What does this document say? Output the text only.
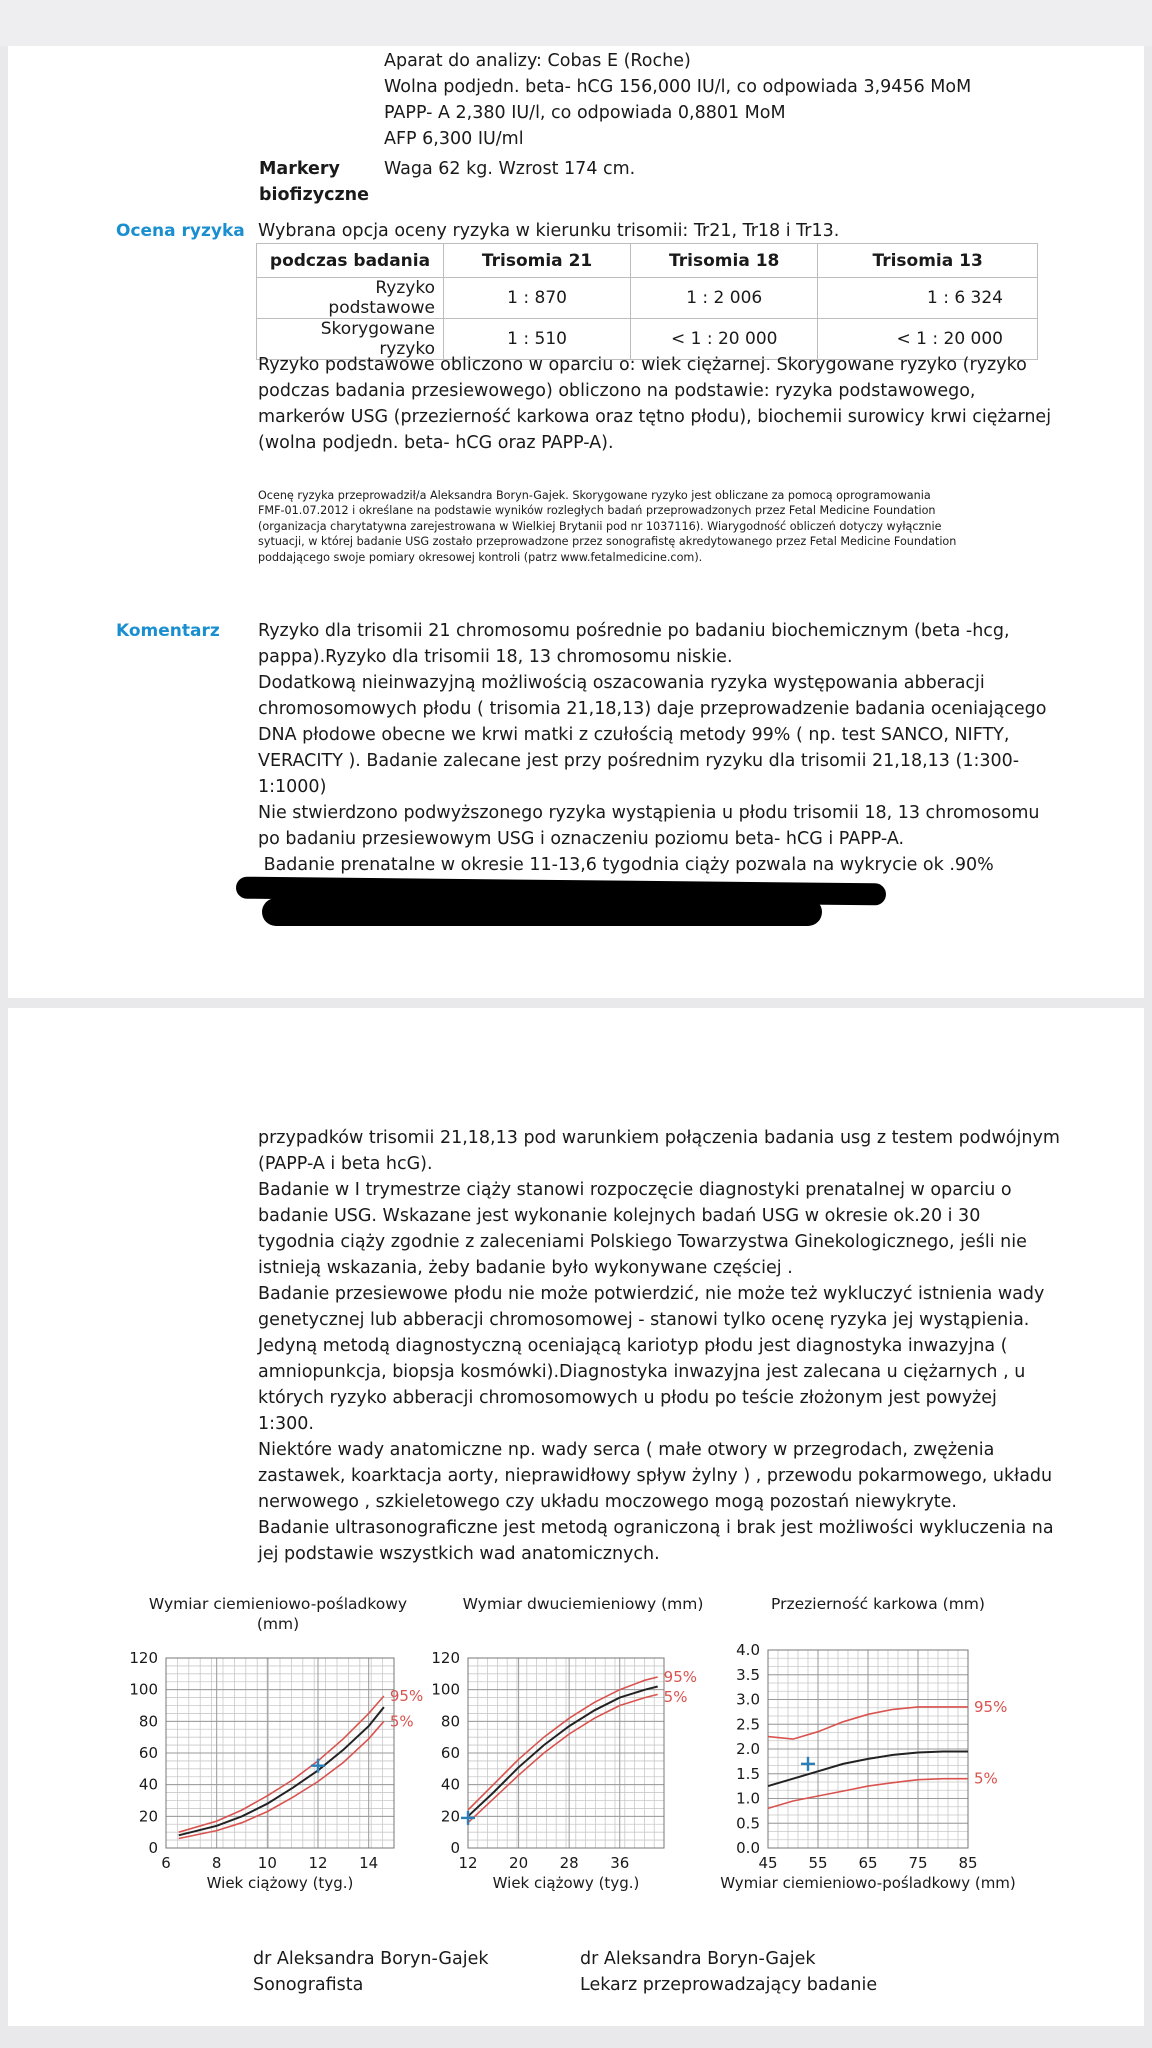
Aparat do analizy: Cobas E (Roche)
Wolna podjedn. beta- hCG 156,000 IU/l, co odpowiada 3,9456 MoM
PAPP- A 2,380 IU/l, co odpowiada 0,8801 MoM
AFP 6,300 IU/ml
Markery
biofizyczne
Waga 62 kg. Wzrost 174 cm.
Ocena ryzyka Wybrana opcja oceny ryzyka w kierunku trisomii: Tr21, Tr18 i Tr13.
podczas badania	Trisomia 21	Trisomia 18	Trisomia 13
Ryzyko podstawowe	1 : 870	1 : 2 006	1 : 6 324
Skorygowane ryzyko	1 : 510	< 1 : 20 000	< 1 : 20 000
Ryzyko podstawowe obliczono w oparciu o: wiek ciężarnej. Skorygowane ryzyko (ryzyko
podczas badania przesiewowego) obliczono na podstawie: ryzyka podstawowego,
markerów USG (przezierność karkowa oraz tętno płodu), biochemii surowicy krwi ciężarnej
(wolna podjedn. beta- hCG oraz PAPP-A).
Ocenę ryzyka przeprowadził/a Aleksandra Boryn-Gajek. Skorygowane ryzyko jest obliczane za pomocą oprogramowania
FMF-01.07.2012 i określane na podstawie wyników rozległych badań przeprowadzonych przez Fetal Medicine Foundation
(organizacja charytatywna zarejestrowana w Wielkiej Brytanii pod nr 1037116). Wiarygodność obliczeń dotyczy wyłącznie
sytuacji, w której badanie USG zostało przeprowadzone przez sonografistę akredytowanego przez Fetal Medicine Foundation
poddającego swoje pomiary okresowej kontroli (patrz www.fetalmedicine.com).
Komentarz Ryzyko dla trisomii 21 chromosomu pośrednie po badaniu biochemicznym (beta -hcg,
pappa).Ryzyko dla trisomii 18, 13 chromosomu niskie.
Dodatkową nieinwazyjną możliwością oszacowania ryzyka występowania abberacji
chromosomowych płodu ( trisomia 21,18,13) daje przeprowadzenie badania oceniającego
DNA płodowe obecne we krwi matki z czułością metody 99% ( np. test SANCO, NIFTY,
VERACITY ). Badanie zalecane jest przy pośrednim ryzyku dla trisomii 21,18,13 (1:300-
1:1000)
Nie stwierdzono podwyższonego ryzyka wystąpienia u płodu trisomii 18, 13 chromosomu
po badaniu przesiewowym USG i oznaczeniu poziomu beta- hCG i PAPP-A.
Badanie prenatalne w okresie 11-13,6 tygodnia ciąży pozwala na wykrycie ok .90%
przypadków trisomii 21,18,13 pod warunkiem połączenia badania usg z testem podwójnym
(PAPP-A i beta hcG).
Badanie w I trymestrze ciąży stanowi rozpoczęcie diagnostyki prenatalnej w oparciu o
badanie USG. Wskazane jest wykonanie kolejnych badań USG w okresie ok.20 i 30
tygodnia ciąży zgodnie z zaleceniami Polskiego Towarzystwa Ginekologicznego, jeśli nie
istnieją wskazania, żeby badanie było wykonywane częściej .
Badanie przesiewowe płodu nie może potwierdzić, nie może też wykluczyć istnienia wady
genetycznej lub abberacji chromosomowej - stanowi tylko ocenę ryzyka jej wystąpienia.
Jedyną metodą diagnostyczną oceniającą kariotyp płodu jest diagnostyka inwazyjna (
amniopunkcja, biopsja kosmówki).Diagnostyka inwazyjna jest zalecana u ciężarnych , u
których ryzyko abberacji chromosomowych u płodu po teście złożonym jest powyżej
1:300.
Niektóre wady anatomiczne np. wady serca ( małe otwory w przegrodach, zwężenia
zastawek, koarktacja aorty, nieprawidłowy spływ żylny ) , przewodu pokarmowego, układu
nerwowego , szkieletowego czy układu moczowego mogą pozostań niewykryte.
Badanie ultrasonograficzne jest metodą ograniczoną i brak jest możliwości wykluczenia na
jej podstawie wszystkich wad anatomicznych.
Wymiar ciemieniowo-pośladkowy (mm)
Wymiar dwuciemieniowy (mm)	Przezierność karkowa (mm)
0
20
40
60
80
100
120
6	8 10 12 14
Wiek ciążowy (tyg.)
95%
5%
0
20
40
60
80
100
120
12 20 28 36
Wiek ciążowy (tyg.)
95%
5%
0.0
0.5
1.0
1.5
2.0
2.5
3.0
3.5
4.0
45 55 65 75 85
Wymiar ciemieniowo-pośladkowy (mm)
95%
5%
dr Aleksandra Boryn-Gajek
Sonografista
dr Aleksandra Boryn-Gajek
Lekarz przeprowadzający badanie
